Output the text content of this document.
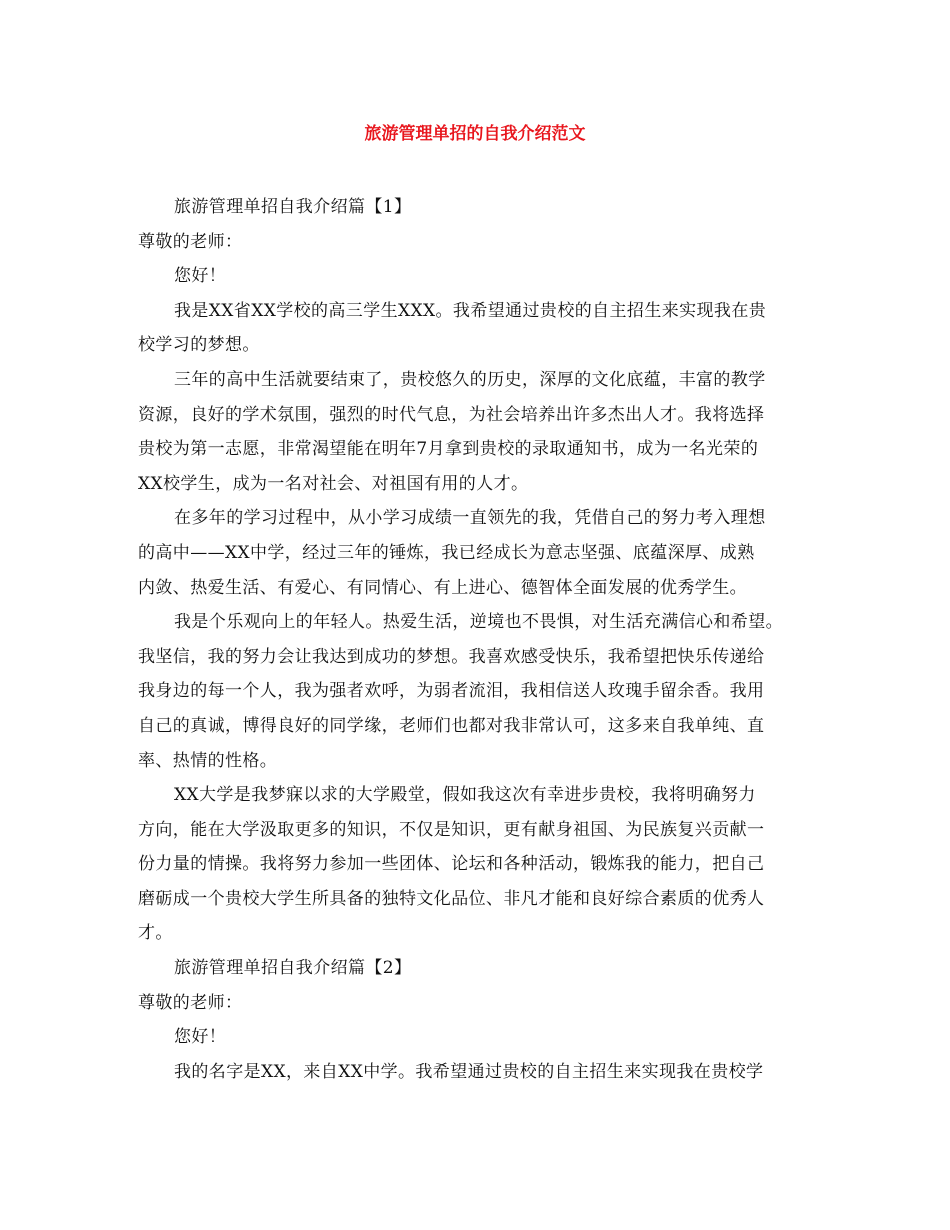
旅游管理单招的自我介绍范文
旅游管理单招自我介绍篇【1】
尊敬的老师：
您好！
我是XX省XX学校的高三学生XXX。我希望通过贵校的自主招生来实现我在贵
校学习的梦想。
三年的高中生活就要结束了，贵校悠久的历史，深厚的文化底蕴，丰富的教学
资源，良好的学术氛围，强烈的时代气息，为社会培养出许多杰出人才。我将选择
贵校为第一志愿，非常渴望能在明年7月拿到贵校的录取通知书，成为一名光荣的
XX校学生，成为一名对社会、对祖国有用的人才。
在多年的学习过程中，从小学习成绩一直领先的我，凭借自己的努力考入理想
的高中——XX中学，经过三年的锤炼，我已经成长为意志坚强、底蕴深厚、成熟
内敛、热爱生活、有爱心、有同情心、有上进心、德智体全面发展的优秀学生。
我是个乐观向上的年轻人。热爱生活，逆境也不畏惧，对生活充满信心和希望。
我坚信，我的努力会让我达到成功的梦想。我喜欢感受快乐，我希望把快乐传递给
我身边的每一个人，我为强者欢呼，为弱者流泪，我相信送人玫瑰手留余香。我用
自己的真诚，博得良好的同学缘，老师们也都对我非常认可，这多来自我单纯、直
率、热情的性格。
XX大学是我梦寐以求的大学殿堂，假如我这次有幸进步贵校，我将明确努力
方向，能在大学汲取更多的知识，不仅是知识，更有献身祖国、为民族复兴贡献一
份力量的情操。我将努力参加一些团体、论坛和各种活动，锻炼我的能力，把自己
磨砺成一个贵校大学生所具备的独特文化品位、非凡才能和良好综合素质的优秀人
才。
旅游管理单招自我介绍篇【2】
尊敬的老师：
您好！
我的名字是XX，来自XX中学。我希望通过贵校的自主招生来实现我在贵校学
